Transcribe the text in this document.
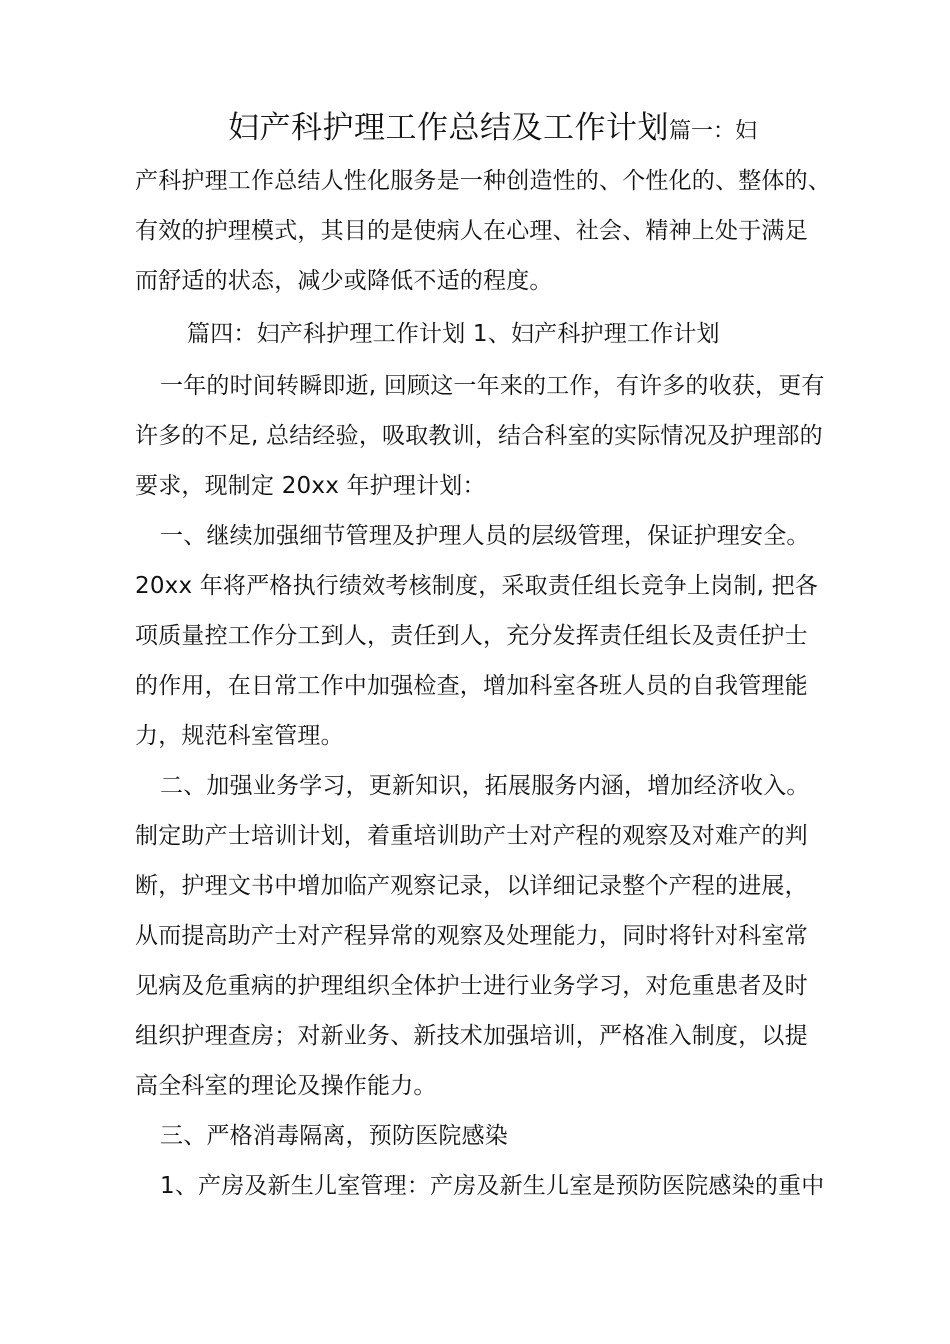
妇产科护理工作总结及工作计划篇一：妇
产科护理工作总结人性化服务是一种创造性的、个性化的、整体的、
有效的护理模式，其目的是使病人在心理、社会、精神上处于满足
而舒适的状态，减少或降低不适的程度。
篇四：妇产科护理工作计划 1、妇产科护理工作计划
一年的时间转瞬即逝, 回顾这一年来的工作，有许多的收获，更有
许多的不足, 总结经验，吸取教训，结合科室的实际情况及护理部的
要求，现制定 20xx 年护理计划：
一、继续加强细节管理及护理人员的层级管理，保证护理安全。
20xx 年将严格执行绩效考核制度，采取责任组长竞争上岗制, 把各
项质量控工作分工到人，责任到人，充分发挥责任组长及责任护士
的作用，在日常工作中加强检查，增加科室各班人员的自我管理能
力，规范科室管理。
二、加强业务学习，更新知识，拓展服务内涵，增加经济收入。
制定助产士培训计划，着重培训助产士对产程的观察及对难产的判
断，护理文书中增加临产观察记录，以详细记录整个产程的进展，
从而提高助产士对产程异常的观察及处理能力，同时将针对科室常
见病及危重病的护理组织全体护士进行业务学习，对危重患者及时
组织护理查房；对新业务、新技术加强培训，严格准入制度，以提
高全科室的理论及操作能力。
三、严格消毒隔离，预防医院感染
1、产房及新生儿室管理：产房及新生儿室是预防医院感染的重中
